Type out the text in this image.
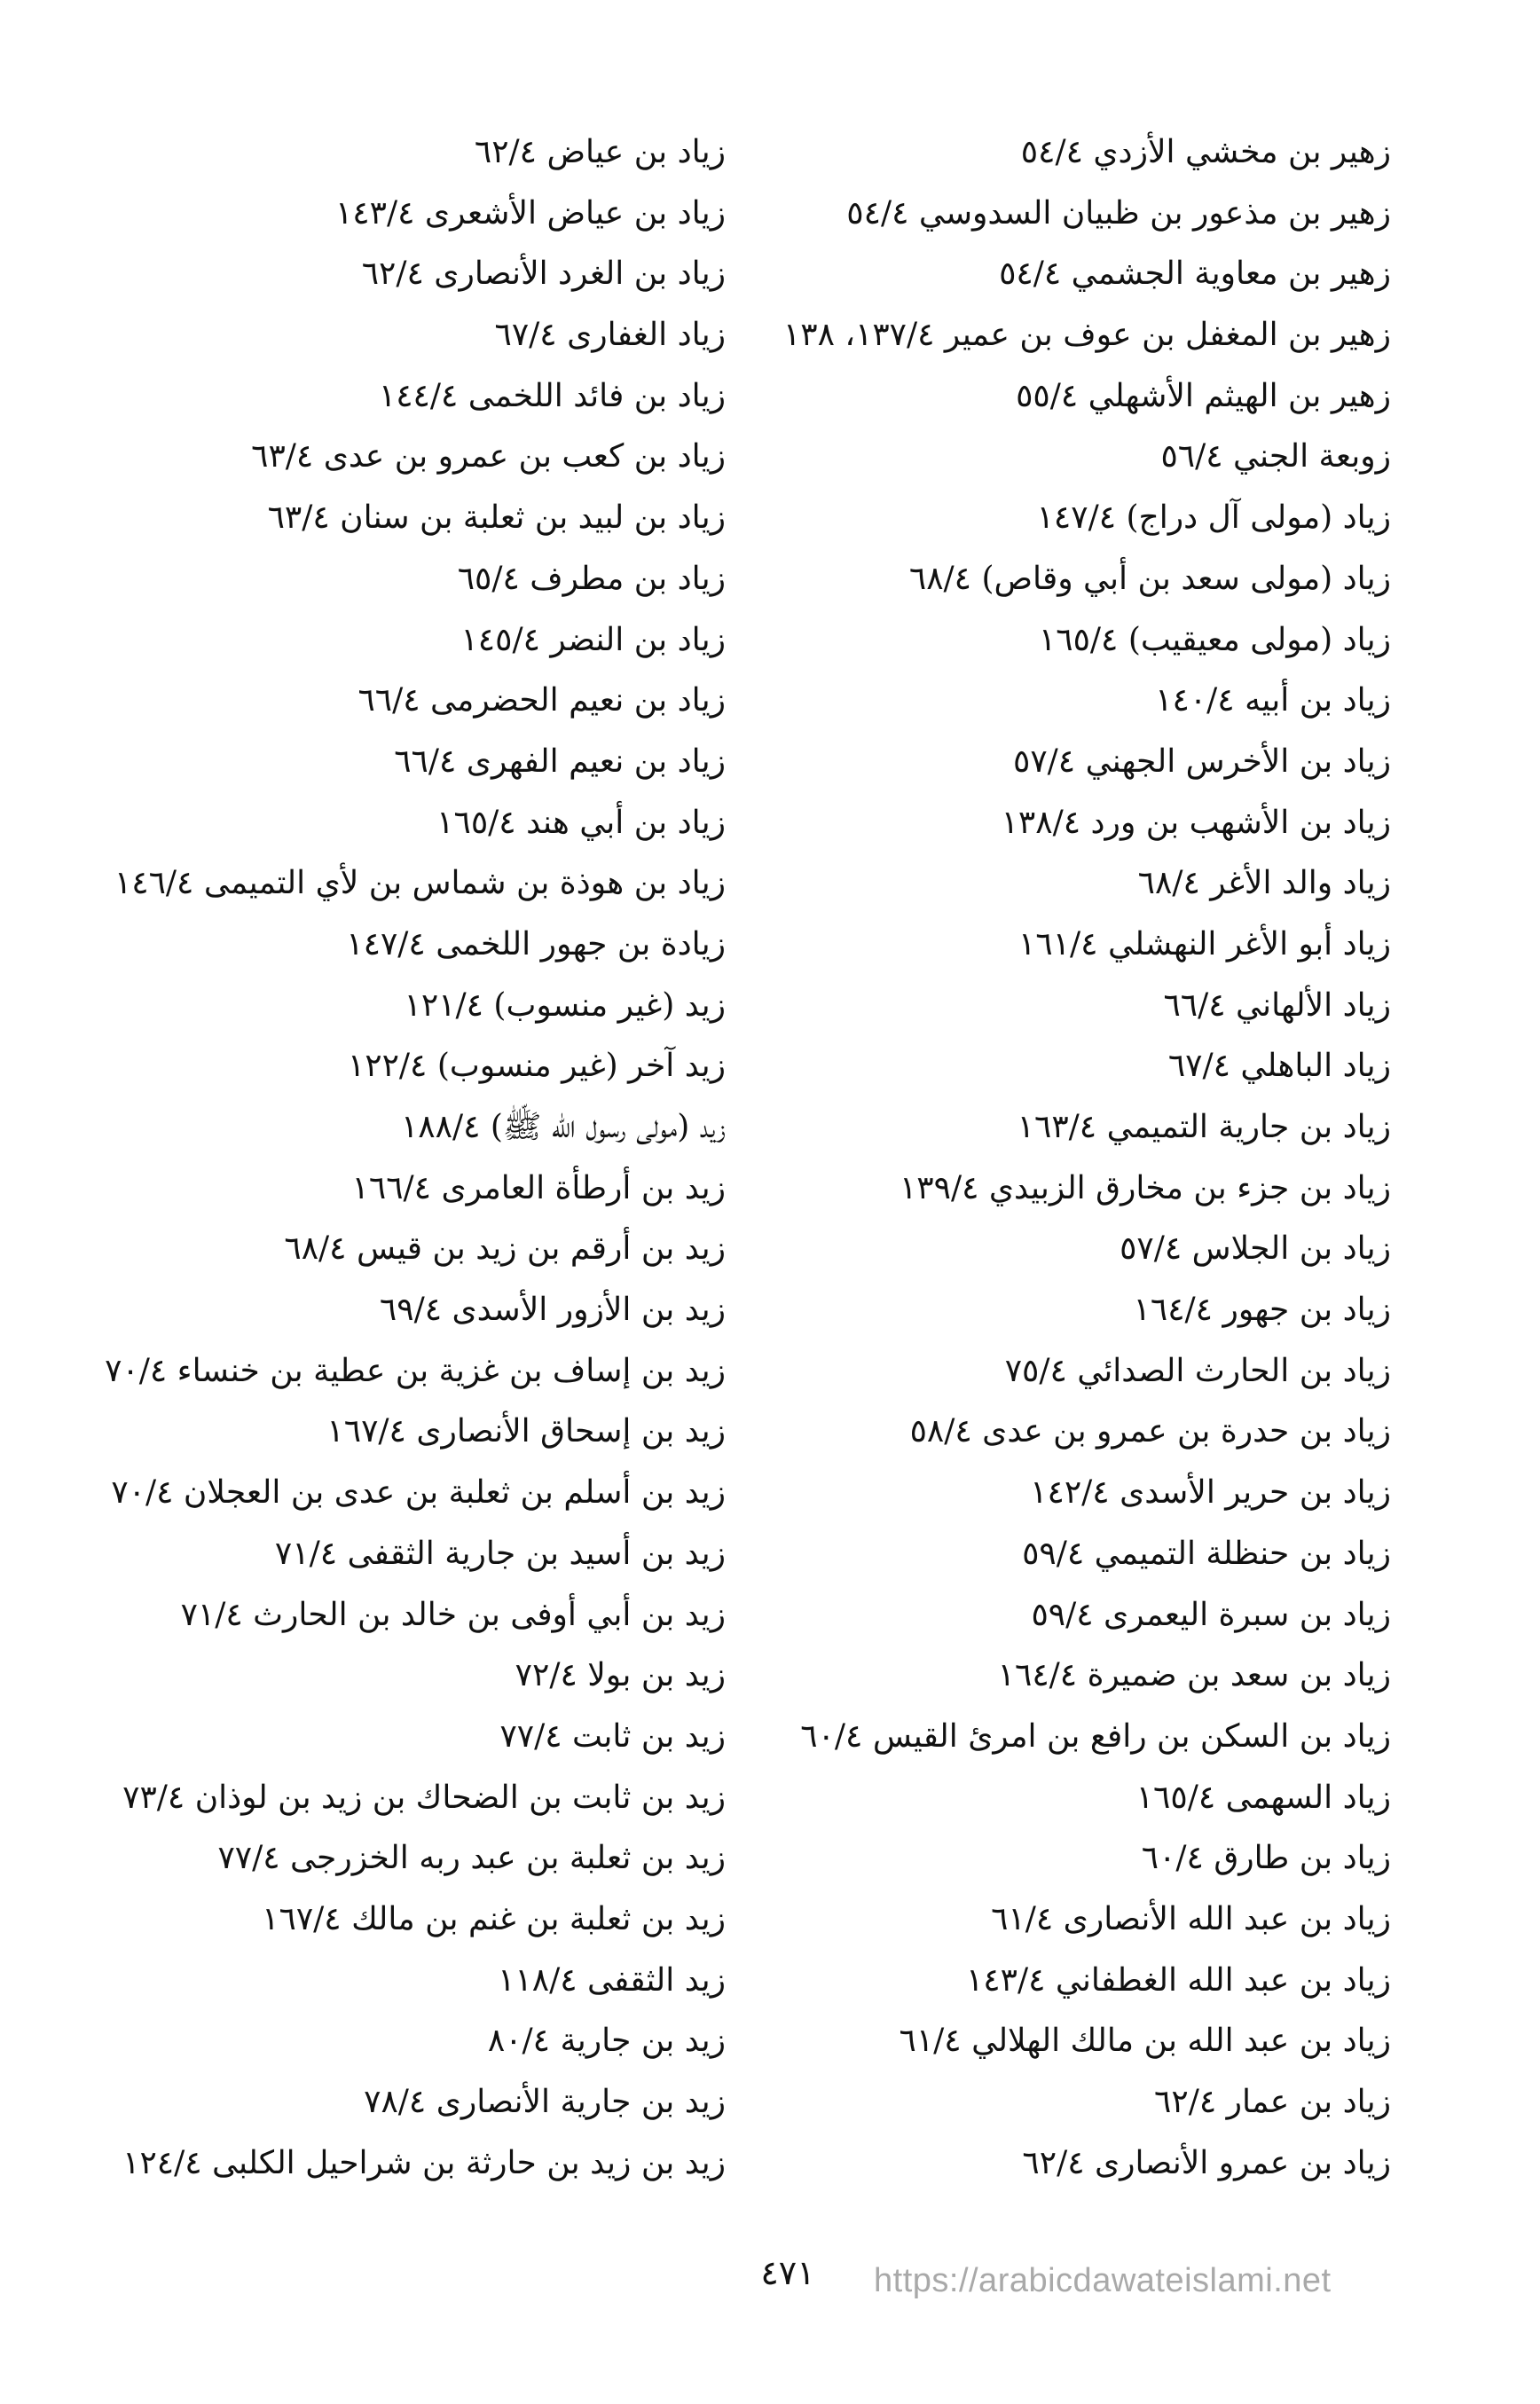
زهير بن مخشي الأزدي ٥٤/٤
زهير بن مذعور بن ظبيان السدوسي ٥٤/٤
زهير بن معاوية الجشمي ٥٤/٤
زهير بن المغفل بن عوف بن عمير ١٣٧/٤، ١٣٨
زهير بن الهيثم الأشهلي ٥٥/٤
زوبعة الجني ٥٦/٤
زياد (مولى آل دراج) ١٤٧/٤
زياد (مولى سعد بن أبي وقاص) ٦٨/٤
زياد (مولى معيقيب) ١٦٥/٤
زياد بن أبيه ١٤٠/٤
زياد بن الأخرس الجهني ٥٧/٤
زياد بن الأشهب بن ورد ١٣٨/٤
زياد والد الأغر ٦٨/٤
زياد أبو الأغر النهشلي ١٦١/٤
زياد الألهاني ٦٦/٤
زياد الباهلي ٦٧/٤
زياد بن جارية التميمي ١٦٣/٤
زياد بن جزء بن مخارق الزبيدي ١٣٩/٤
زياد بن الجلاس ٥٧/٤
زياد بن جهور ١٦٤/٤
زياد بن الحارث الصدائي ٧٥/٤
زياد بن حدرة بن عمرو بن عدى ٥٨/٤
زياد بن حرير الأسدى ١٤٢/٤
زياد بن حنظلة التميمي ٥٩/٤
زياد بن سبرة اليعمرى ٥٩/٤
زياد بن سعد بن ضميرة ١٦٤/٤
زياد بن السكن بن رافع بن امرئ القيس ٦٠/٤
زياد السهمى ١٦٥/٤
زياد بن طارق ٦٠/٤
زياد بن عبد الله الأنصارى ٦١/٤
زياد بن عبد الله الغطفاني ١٤٣/٤
زياد بن عبد الله بن مالك الهلالي ٦١/٤
زياد بن عمار ٦٢/٤
زياد بن عمرو الأنصارى ٦٢/٤
زياد بن عياض ٦٢/٤
زياد بن عياض الأشعرى ١٤٣/٤
زياد بن الغرد الأنصارى ٦٢/٤
زياد الغفارى ٦٧/٤
زياد بن فائد اللخمى ١٤٤/٤
زياد بن كعب بن عمرو بن عدى ٦٣/٤
زياد بن لبيد بن ثعلبة بن سنان ٦٣/٤
زياد بن مطرف ٦٥/٤
زياد بن النضر ١٤٥/٤
زياد بن نعيم الحضرمى ٦٦/٤
زياد بن نعيم الفهرى ٦٦/٤
زياد بن أبي هند ١٦٥/٤
زياد بن هوذة بن شماس بن لأي التميمى ١٤٦/٤
زيادة بن جهور اللخمى ١٤٧/٤
زيد (غير منسوب) ١٢١/٤
زيد آخر (غير منسوب) ١٢٢/٤
زيد (مولى رسول الله ﷺ) ١٨٨/٤
زيد بن أرطأة العامرى ١٦٦/٤
زيد بن أرقم بن زيد بن قيس ٦٨/٤
زيد بن الأزور الأسدى ٦٩/٤
زيد بن إساف بن غزية بن عطية بن خنساء ٧٠/٤
زيد بن إسحاق الأنصارى ١٦٧/٤
زيد بن أسلم بن ثعلبة بن عدى بن العجلان ٧٠/٤
زيد بن أسيد بن جارية الثقفى ٧١/٤
زيد بن أبي أوفى بن خالد بن الحارث ٧١/٤
زيد بن بولا ٧٢/٤
زيد بن ثابت ٧٧/٤
زيد بن ثابت بن الضحاك بن زيد بن لوذان ٧٣/٤
زيد بن ثعلبة بن عبد ربه الخزرجى ٧٧/٤
زيد بن ثعلبة بن غنم بن مالك ١٦٧/٤
زيد الثقفى ١١٨/٤
زيد بن جارية ٨٠/٤
زيد بن جارية الأنصارى ٧٨/٤
زيد بن زيد بن حارثة بن شراحيل الكلبى ١٢٤/٤
٤٧١	https://arabicdawateislami.net
